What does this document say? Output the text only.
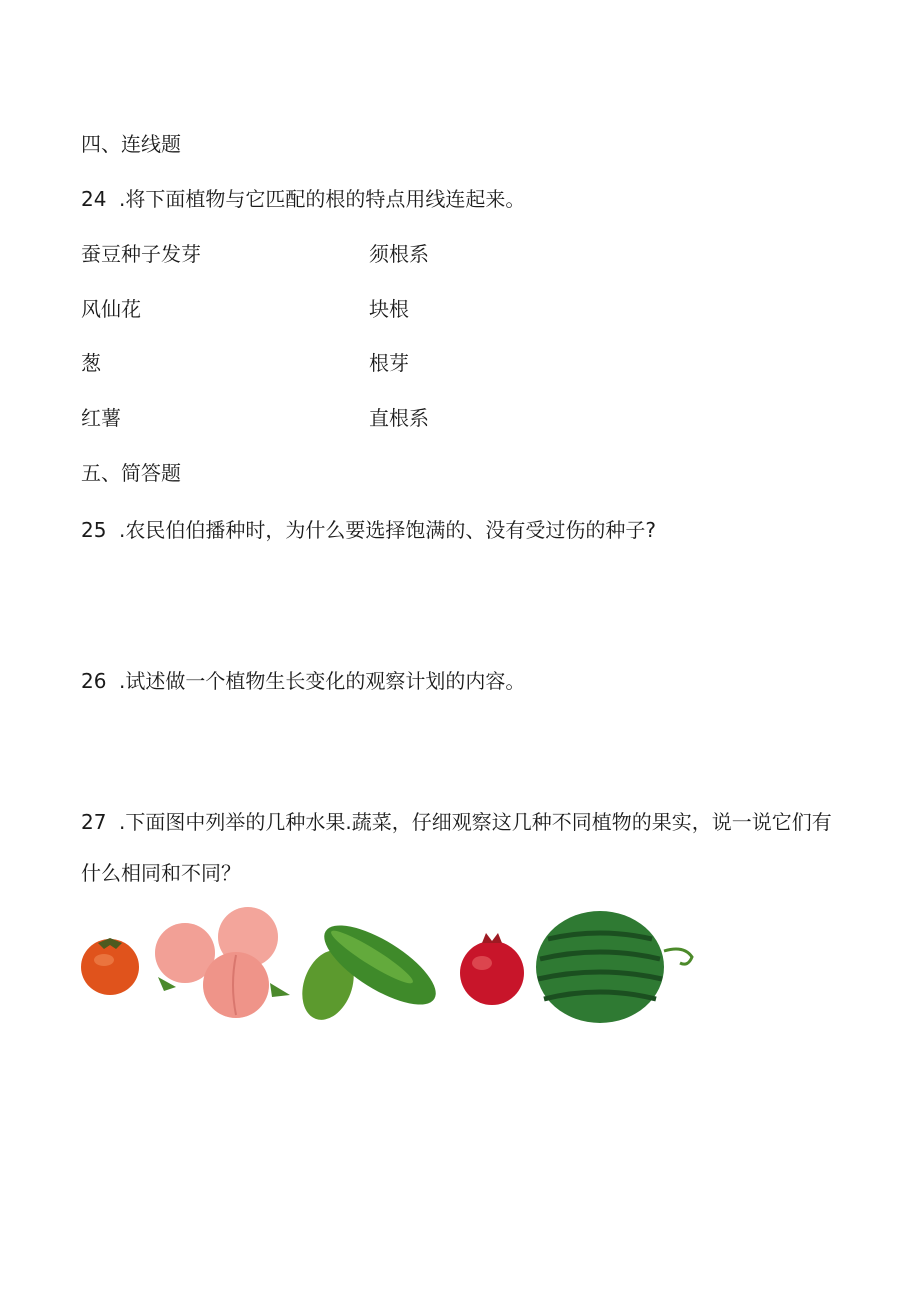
四、连线题
24 .将下面植物与它匹配的根的特点用线连起来。
蚕豆种子发芽	须根系
风仙花	块根
葱	根芽
红薯	直根系
五、简答题
25 .农民伯伯播种时，为什么要选择饱满的、没有受过伤的种子?
26 .试述做一个植物生长变化的观察计划的内容。
27 .下面图中列举的几种水果.蔬菜，仔细观察这几种不同植物的果实，说一说它们有
什么相同和不同？
